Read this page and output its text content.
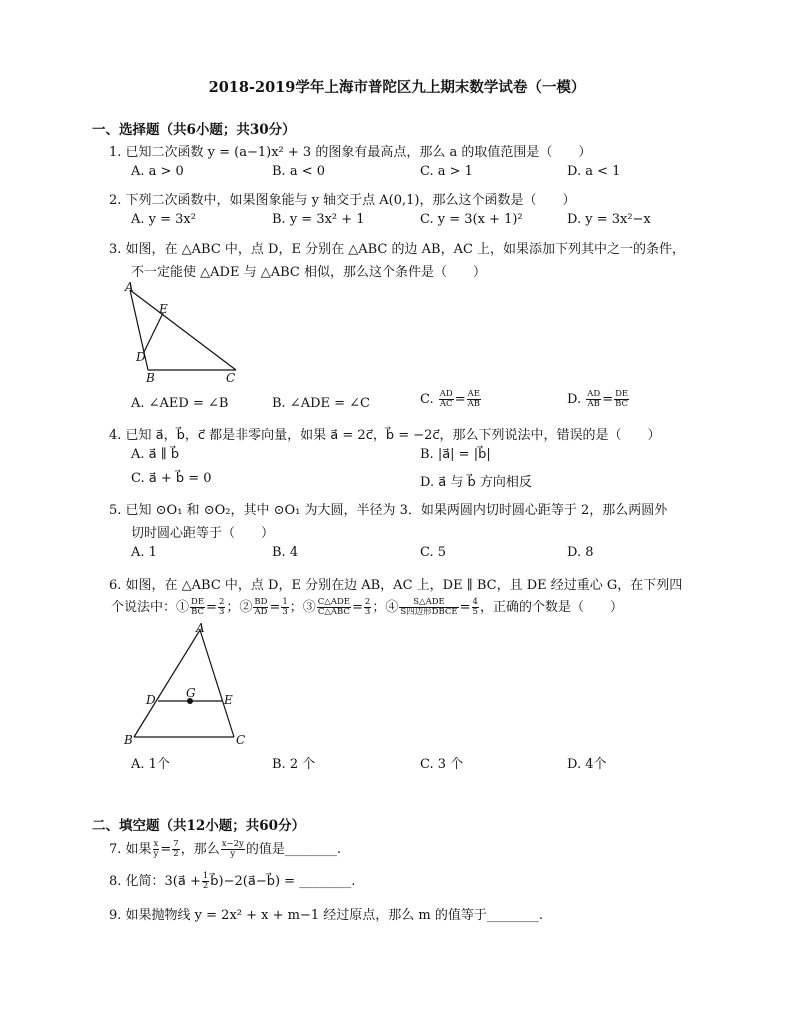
2018-2019学年上海市普陀区九上期末数学试卷（一模）
一、选择题（共6小题；共30分）
1. 已知二次函数 y = (a−1)x² + 3 的图象有最高点，那么 a 的取值范围是（　　）
A. a > 0	B. a < 0	C. a > 1	D. a < 1
2. 下列二次函数中，如果图象能与 y 轴交于点 A(0,1)，那么这个函数是（　　）
A. y = 3x²	B. y = 3x² + 1	C. y = 3(x + 1)²	D. y = 3x²−x
3. 如图，在 △ABC 中，点 D，E 分别在 △ABC 的边 AB，AC 上，如果添加下列其中之一的条件，
不一定能使 △ADE 与 △ABC 相似，那么这个条件是（　　）
A
E
D
B	C
A. ∠AED = ∠B	B. ∠ADE = ∠C	C. $\frac{AD}{AC} = \frac{AE}{AB}$	D. $\frac{AD}{AB} = \frac{DE}{BC}$
4. 已知 a⃗，b⃗，c⃗ 都是非零向量，如果 a⃗ = 2c⃗，b⃗ = −2c⃗，那么下列说法中，错误的是（　　）
A. a⃗ ∥ b⃗	B. |a⃗| = |b⃗|
C. a⃗ + b⃗ = 0	D. a⃗ 与 b⃗ 方向相反
5. 已知 ⊙O₁ 和 ⊙O₂，其中 ⊙O₁ 为大圆，半径为 3．如果两圆内切时圆心距等于 2，那么两圆外
切时圆心距等于（　　）
A. 1	B. 4	C. 5	D. 8
6. 如图，在 △ABC 中，点 D，E 分别在边 AB，AC 上，DE ∥ BC，且 DE 经过重心 G，在下列四
个说法中：① $\frac{DE}{BC} = \frac{2}{3}$ ；② $\frac{BD}{AD} = \frac{1}{3}$ ；③ C△ADE
C△ABC = $\frac{2}{3}$ ；④	S△ADE
S四边形DBCE = $\frac{4}{5}$ ，正确的个数是（　　）
A
D	G E
B	C
A. 1个	B. 2 个	C. 3 个	D. 4个
二、填空题（共12小题；共60分）
7. 如果 $\frac{x}{y} = \frac{7}{2}$ ，那么 $\frac{x-2y}{y}$ 的值是________.
8. 化简：3(a⃗ + $\frac{1}{2}$ b⃗)−2(a⃗−b⃗) = ________.
9. 如果抛物线 y = 2x² + x + m−1 经过原点，那么 m 的值等于________.
